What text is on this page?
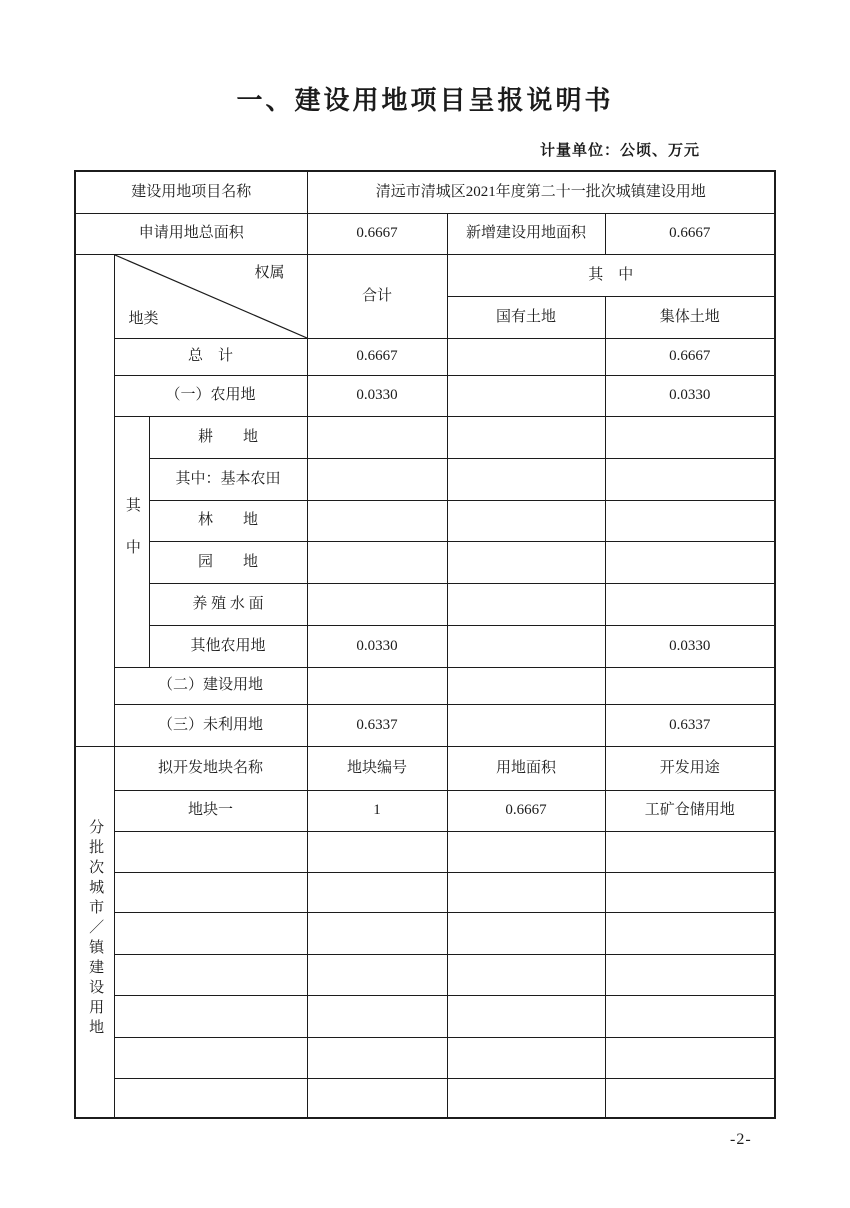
一、建设用地项目呈报说明书
计量单位：公顷、万元
建设用地项目名称			清远市清城区2021年度第二十一批次城镇建设用地		
申请用地总面积			0.6667	新增建设用地面积	0.6667

	权属
地类		合计	其　中	
				国有土地	集体土地
	总　计		0.6667		0.6667
	（一）农用地		0.0330		0.0330
	其中	耕　　地			
		其中：基本农田			
		林　　地			
		园　　地			
		养 殖 水 面			
		其他农用地	0.0330		0.0330
	（二）建设用地				
	（三）未利用地		0.6337		0.6337
分批次城市／镇建设用地	拟开发地块名称		地块编号	用地面积	开发用途
	地块一		1	0.6667	工矿仓储用地

-2-
